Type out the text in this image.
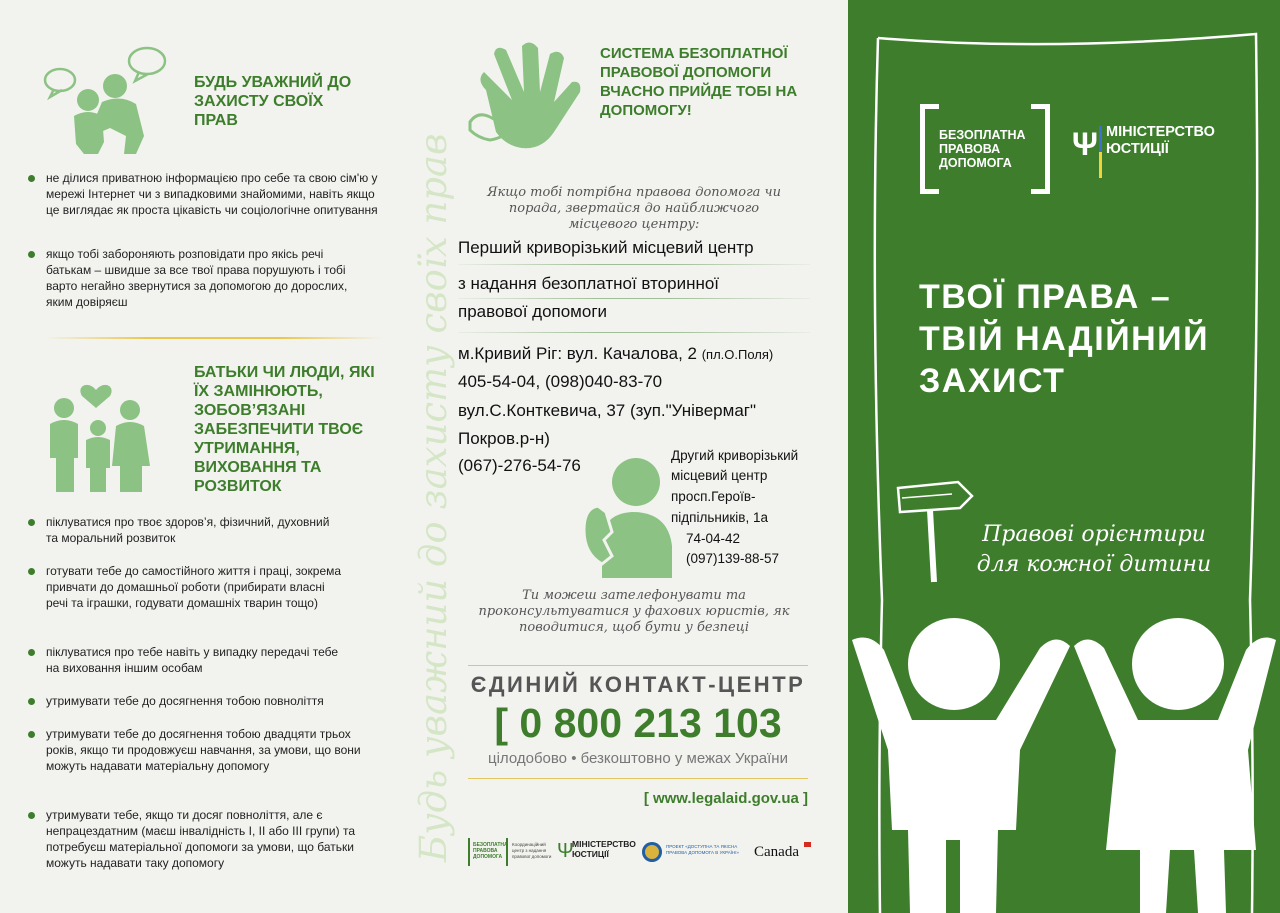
БУДЬ УВАЖНИЙ ДО ЗАХИСТУ СВОЇХ ПРАВ
не ділися приватною інформацією про себе та свою сім'ю у мережі Інтернет чи з випадковими знайомими, навіть якщо це виглядає як проста цікавість чи соціологічне опитування
якщо тобі забороняють розповідати про якісь речі батькам – швидше за все твої права порушують і тобі варто негайно звернутися за допомогою до дорослих, яким довіряєш
БАТЬКИ ЧИ ЛЮДИ, ЯКІ ЇХ ЗАМІНЮЮТЬ, ЗОБОВ’ЯЗАНІ ЗАБЕЗПЕЧИТИ ТВОЄ УТРИМАННЯ, ВИХОВАННЯ ТА РОЗВИТОК
піклуватися про твоє здоров’я, фізичний, духовний та моральний розвиток
готувати тебе до самостійного життя і праці, зокрема привчати до домашньої роботи (прибирати власні речі та іграшки, годувати домашніх тварин тощо)
піклуватися про тебе навіть у випадку передачі тебе на виховання іншим особам
утримувати тебе до досягнення тобою повноліття
утримувати тебе до досягнення тобою двадцяти трьох років, якщо ти продовжуєш навчання, за умови, що вони можуть надавати матеріальну допомогу
утримувати тебе, якщо ти досяг повноліття, але є непрацездатним (маєш інвалідність I, II або III групи) та потребуєш матеріальної допомоги за умови, що батьки можуть надавати таку допомогу
Будь уважний до захисту своїх прав
СИСТЕМА БЕЗОПЛАТНОЇ ПРАВОВОЇ ДОПОМОГИ ВЧАСНО ПРИЙДЕ ТОБІ НА ДОПОМОГУ!
Якщо тобі потрібна правова допомога чи порада, звертайся до найближчого місцевого центру:
Перший криворізький місцевий центр
з надання безоплатної вторинної
правової допомоги
м.Кривий Ріг: вул. Качалова, 2 (пл.О.Поля)
405-54-04, (098)040-83-70
вул.С.Конткевича, 37 (зуп."Універмаг"
Покров.р-н)
(067)-276-54-76
Другий криворізький
місцевий центр
просп.Героїв-
підпільників, 1а
74-04-42
(097)139-88-57
Ти можеш зателефонувати та проконсультуватися у фахових юристів, як поводитися, щоб бути у безпеці
ЄДИНИЙ КОНТАКТ-ЦЕНТР
[ 0 800 213 103
цілодобово • безкоштовно у межах України
[ www.legalaid.gov.ua ]
БЕЗОПЛАТНА ПРАВОВА ДОПОМОГА
Координаційний центр з надання правової допомоги Ψ
МІНІСТЕРСТВО ЮСТИЦІЇ
ПРОЕКТ «ДОСТУПНА ТА ЯКІСНА ПРАВОВА ДОПОМОГА В УКРАЇНІ»	Canada
БЕЗОПЛАТНА ПРАВОВА ДОПОМОГА
Ψ МІНІСТЕРСТВО ЮСТИЦІЇ
ТВОЇ ПРАВА – ТВІЙ НАДІЙНИЙ ЗАХИСТ
Правові орієнтири для кожної дитини
